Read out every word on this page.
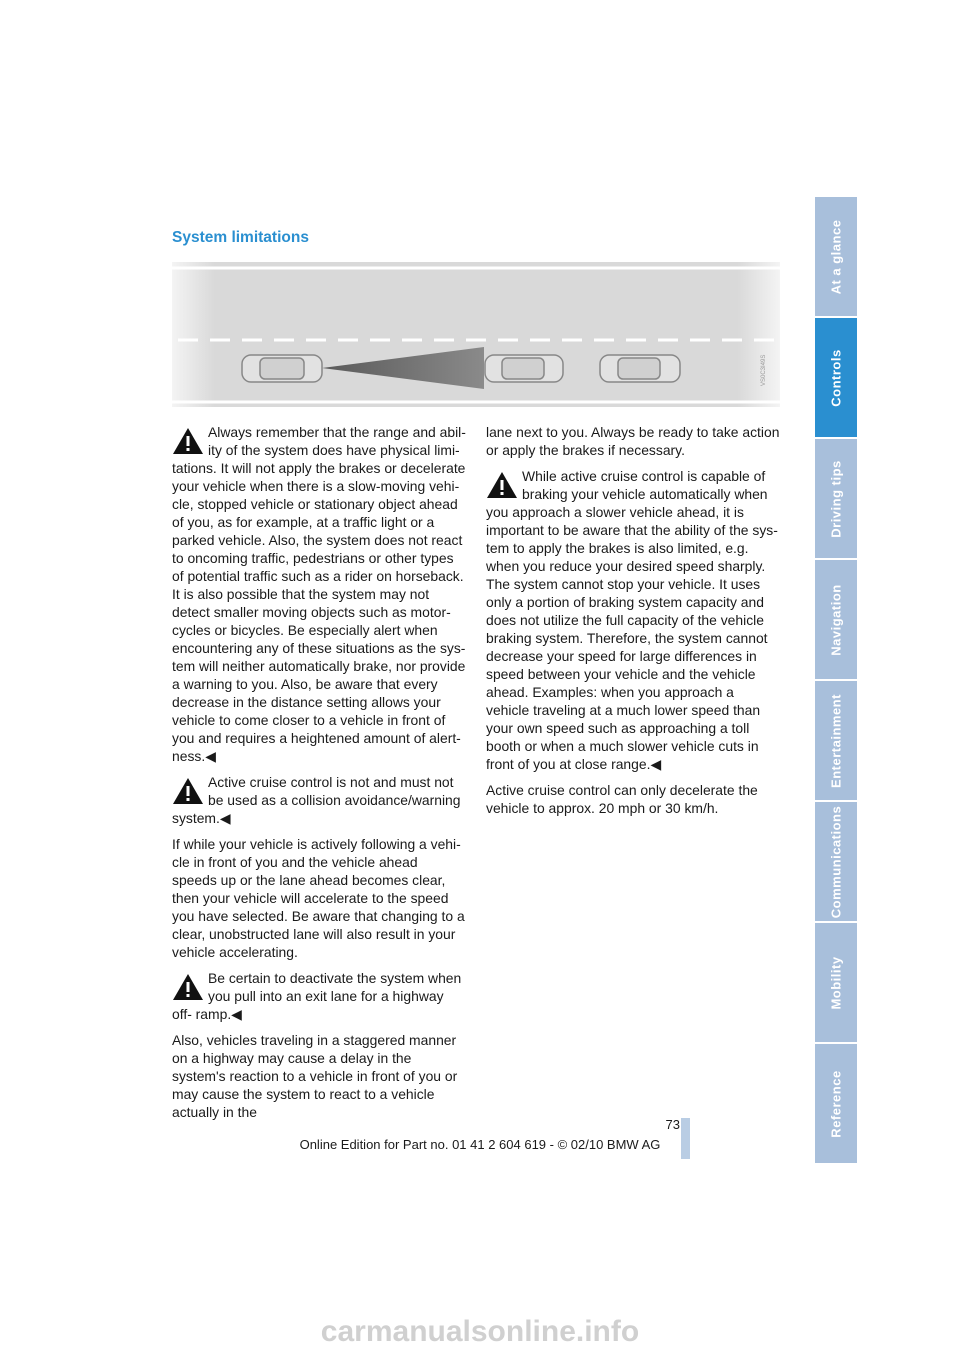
System limitations
VS0C3I49S

Always remember that the range and abil- ity of the system does have physical limi- tations. It will not apply the brakes or decelerate your vehicle when there is a slow-moving vehi- cle, stopped vehicle or stationary object ahead of you, as for example, at a traffic light or a parked vehicle. Also, the system does not react to oncoming traffic, pedestrians or other types of potential traffic such as a rider on horseback. It is also possible that the system may not detect smaller moving objects such as motor- cycles or bicycles. Be especially alert when encountering any of these situations as the sys- tem will neither automatically brake, nor provide a warning to you. Also, be aware that every decrease in the distance setting allows your vehicle to come closer to a vehicle in front of you and requires a heightened amount of alert- ness.◀

Active cruise control is not and must not be used as a collision avoidance/warning system.◀

If while your vehicle is actively following a vehi- cle in front of you and the vehicle ahead speeds up or the lane ahead becomes clear, then your vehicle will accelerate to the speed you have selected. Be aware that changing to a clear, unobstructed lane will also result in your vehicle accelerating.

Be certain to deactivate the system when you pull into an exit lane for a highway off- ramp.◀

Also, vehicles traveling in a staggered manner on a highway may cause a delay in the system's reaction to a vehicle in front of you or may cause the system to react to a vehicle actually in the

lane next to you. Always be ready to take action or apply the brakes if necessary.

While active cruise control is capable of braking your vehicle automatically when you approach a slower vehicle ahead, it is important to be aware that the ability of the sys- tem to apply the brakes is also limited, e.g. when you reduce your desired speed sharply. The system cannot stop your vehicle. It uses only a portion of braking system capacity and does not utilize the full capacity of the vehicle braking system. Therefore, the system cannot decrease your speed for large differences in speed between your vehicle and the vehicle ahead. Examples: when you approach a vehicle traveling at a much lower speed than your own speed such as approaching a toll booth or when a much slower vehicle cuts in front of you at close range.◀

Active cruise control can only decelerate the vehicle to approx. 20 mph or 30 km/h.

At a glance
Controls
Driving tips
Navigation
Entertainment
Communications
Mobility
Reference
73
Online Edition for Part no. 01 41 2 604 619 - © 02/10 BMW AG
carmanualsonline.info
